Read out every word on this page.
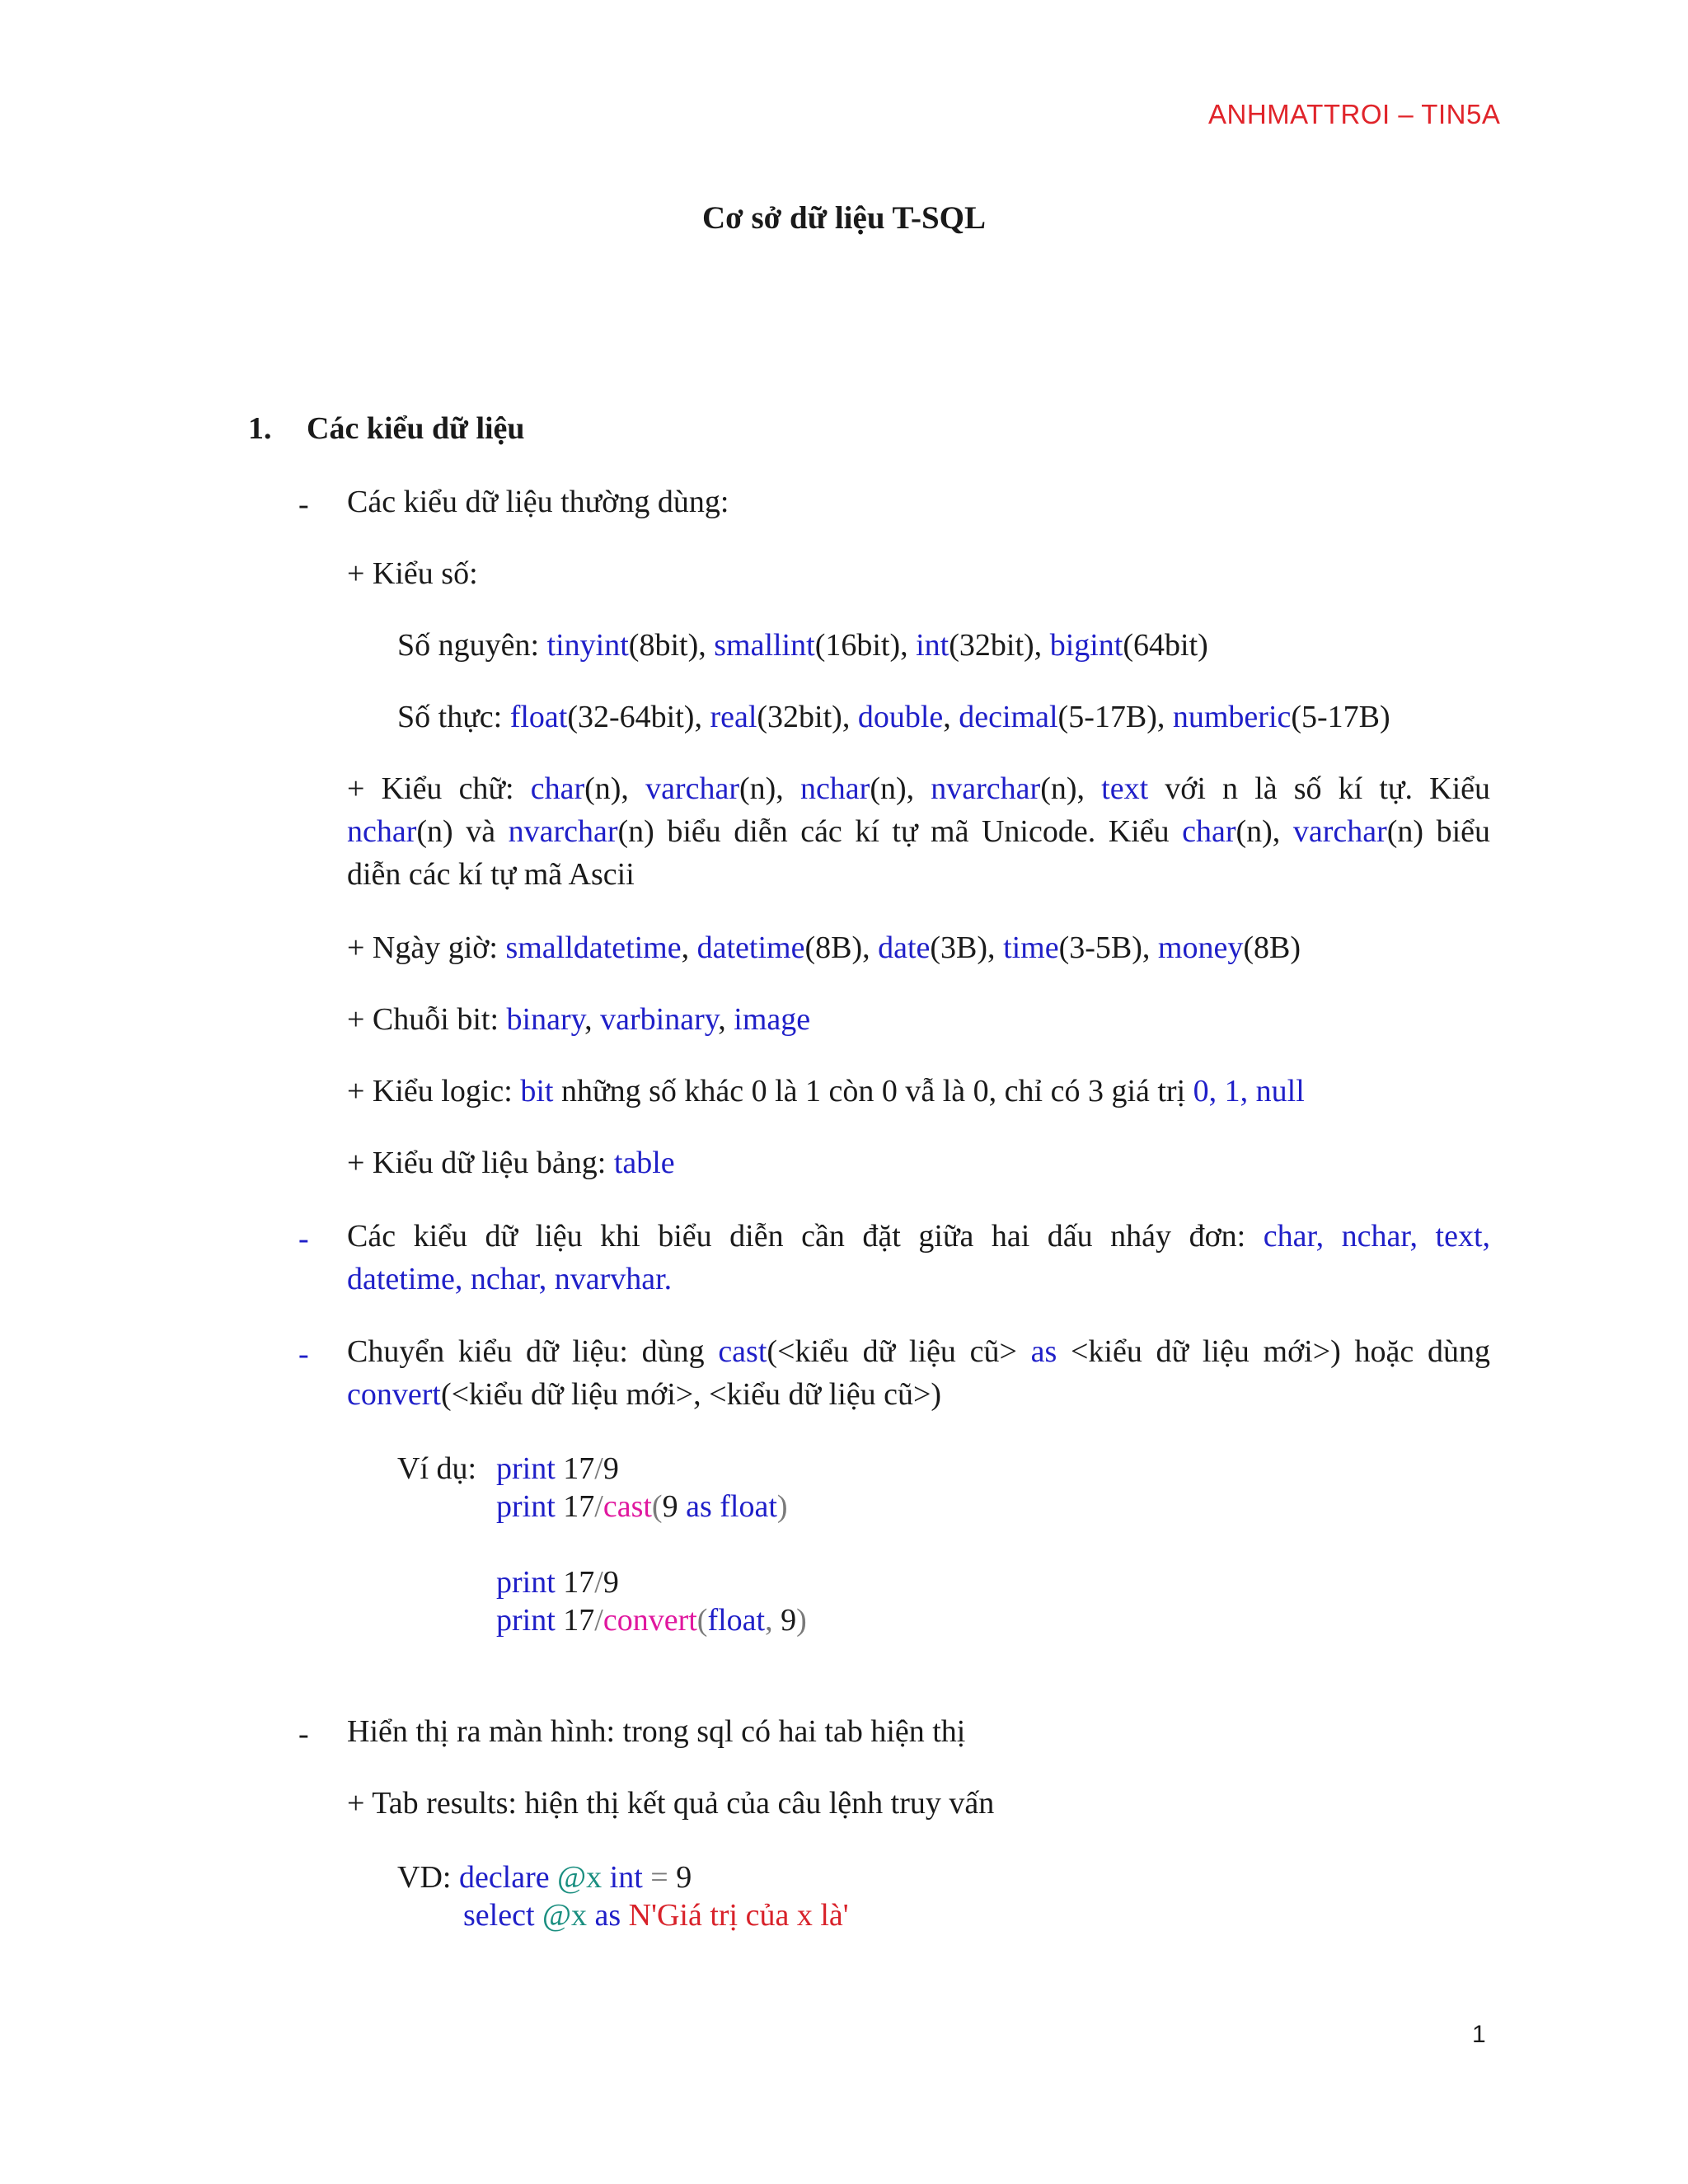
ANHMATTROI – TIN5A
Cơ sở dữ liệu T-SQL
1. Các kiểu dữ liệu
- Các kiểu dữ liệu thường dùng:
+ Kiểu số:
Số nguyên: tinyint(8bit), smallint(16bit), int(32bit), bigint(64bit)
Số thực: float(32-64bit), real(32bit), double, decimal(5-17B), numberic(5-17B)
+ Kiểu chữ: char(n), varchar(n), nchar(n), nvarchar(n), text với n là số kí tự. Kiểu
nchar(n) và nvarchar(n) biểu diễn các kí tự mã Unicode. Kiểu char(n), varchar(n) biểu
diễn các kí tự mã Ascii
+ Ngày giờ: smalldatetime, datetime(8B), date(3B), time(3-5B), money(8B)
+ Chuỗi bit: binary, varbinary, image
+ Kiểu logic: bit những số khác 0 là 1 còn 0 vẫ là 0, chỉ có 3 giá trị 0, 1, null
+ Kiểu dữ liệu bảng: table
- Các kiểu dữ liệu khi biểu diễn cần đặt giữa hai dấu nháy đơn: char, nchar, text,
datetime, nchar, nvarvhar.
- Chuyển kiểu dữ liệu: dùng cast(<kiểu dữ liệu cũ> as <kiểu dữ liệu mới>) hoặc dùng
convert(<kiểu dữ liệu mới>, <kiểu dữ liệu cũ>)
Ví dụ: print 17/9
print 17/cast(9 as float)
print 17/9
print 17/convert(float, 9)
- Hiển thị ra màn hình: trong sql có hai tab hiện thị
+ Tab results: hiện thị kết quả của câu lệnh truy vấn
VD: declare @x int = 9
select @x as N'Giá trị của x là'
1
